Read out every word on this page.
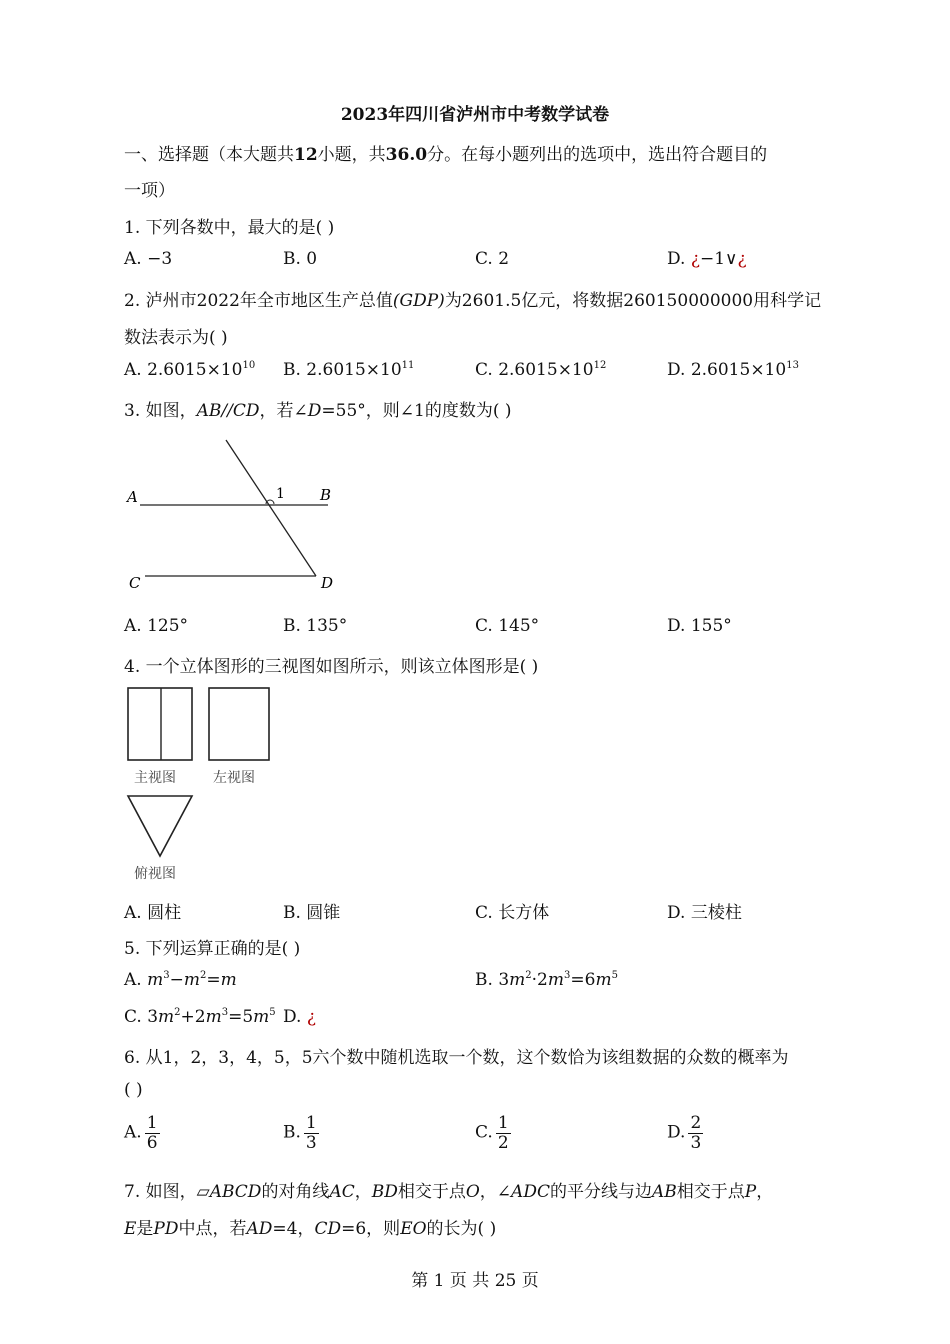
2023年四川省泸州市中考数学试卷
一、选择题（本大题共12小题，共36.0分。在每小题列出的选项中，选出符合题目的
一项）
1. 下列各数中，最大的是( )
A. −3	B. 0	C. 2	D. ¿−1∨¿
2. 泸州市2022年全市地区生产总值(GDP)为2601.5亿元，将数据260150000000用科学记
数法表示为( )
A. $2.6015\times 10^{10}$ B. $2.6015\times 10^{11}$	C. $2.6015\times 10^{12}$	D. $2.6015\times 10^{13}$
3. 如图，AB//CD，若∠D=55°，则∠1的度数为( )
A	B
C	D
1
A. 125°	B. 135°	C. 145°	D. 155°
4. 一个立体图形的三视图如图所示，则该立体图形是( )
主视图	左视图
俯视图
A. 圆柱	B. 圆锥	C. 长方体	D. 三棱柱
5. 下列运算正确的是( )
A. $m^3-m^2=m$	B. $3m^2\cdot 2m^3=6m^5$
C. $3m^2+2m^3=5m^5$ D. ¿
6. 从1，2，3，4，5，5六个数中随机选取一个数，这个数恰为该组数据的众数的概率为
( )
A. $\frac{1}{6}$	B. $\frac{1}{3}$	C. $\frac{1}{2}$	D. $\frac{2}{3}$
7. 如图，▱ABCD的对角线AC，BD相交于点O，∠ADC的平分线与边AB相交于点P，
E是PD中点，若AD=4，CD=6，则EO的长为( )
第 1 页 共 25 页
